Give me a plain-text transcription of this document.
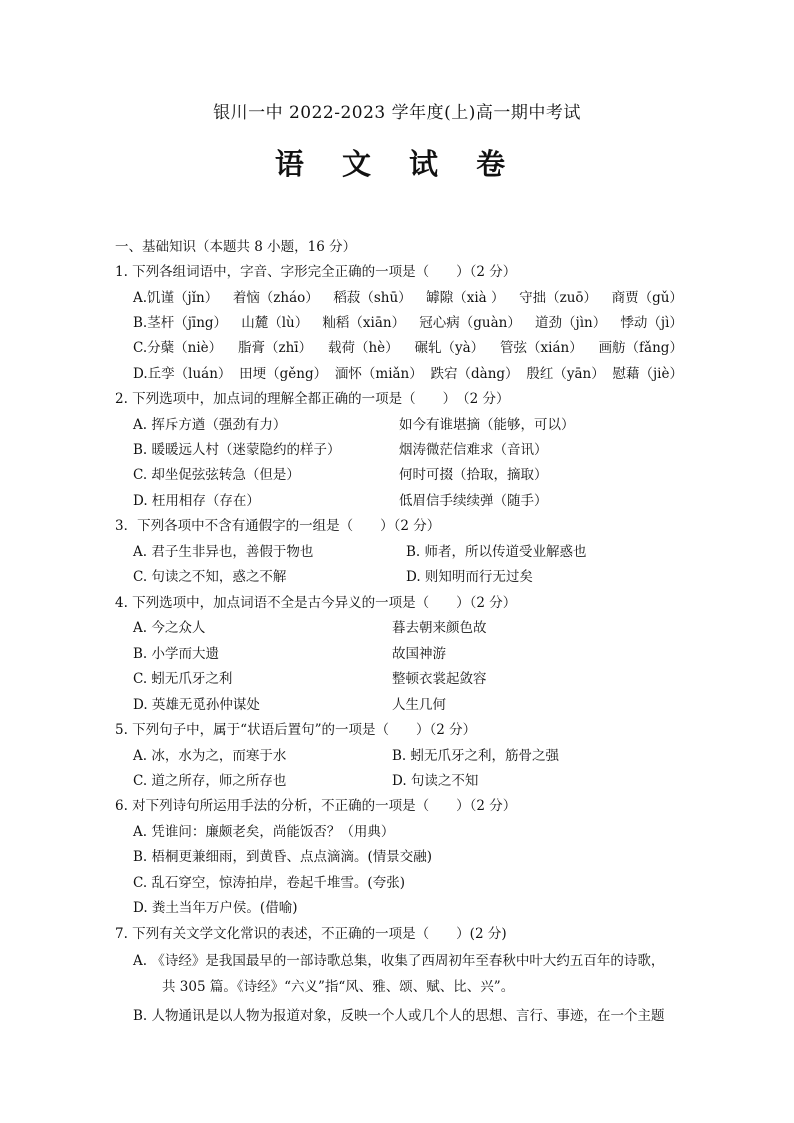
银川一中 2022-2023 学年度(上)高一期中考试
语 文 试 卷
一、基础知识（本题共 8 小题，16 分）
1. 下列各组词语中，字音、字形完全正确的一项是（　　）（2 分）
A.饥谨（jǐn） 着恼（zháo） 稻菽（shū） 罅隙（xià ） 守拙（zuō） 商贾（gǔ）
B.茎杆（jīng） 山麓（lù） 籼稻（xiān） 冠心病（guàn） 道劲（jìn） 悸动（jì）
C.分蘖（niè） 脂膏（zhī） 载荷（hè） 碾轧（yà） 管弦（xián） 画舫（fǎng）
D.丘孪（luán） 田埂（gěng） 湎怀（miǎn） 跌宕（dàng） 殷红（yān） 慰藉（jiè）
2. 下列选项中，加点词的理解全都正确的一项是（　　）　（2 分）
A. 挥斥方遒（强劲有力）	如今有谁堪摘（能够，可以）
B. 暖暖远人村（迷蒙隐约的样子）	烟涛微茫信难求（音讯）
C. 却坐促弦弦转急（但是）	何时可掇（拾取，摘取）
D. 枉用相存（存在）	低眉信手续续弹（随手）
3．下列各项中不含有通假字的一组是（　　）（2 分）
A. 君子生非异也，善假于物也	B. 师者，所以传道受业解惑也
C. 句读之不知，惑之不解	D. 则知明而行无过矣
4. 下列选项中，加点词语不全是古今异义的一项是（　　）（2 分）
A. 今之众人	暮去朝来颜色故
B. 小学而大遗	故国神游
C. 蚓无爪牙之利	整顿衣裳起敛容
D. 英雄无觅孙仲谋处	人生几何
5. 下列句子中，属于“状语后置句”的一项是（　　）（2 分）
A. 冰，水为之，而寒于水	B. 蚓无爪牙之利，筋骨之强
C. 道之所存，师之所存也	D. 句读之不知
6. 对下列诗句所运用手法的分析，不正确的一项是（　　）（2 分）
A. 凭谁问：廉颇老矣，尚能饭否？（用典）
B. 梧桐更兼细雨，到黄昏、点点滴滴。(情景交融)
C. 乱石穿空，惊涛拍岸，卷起千堆雪。(夸张)
D. 粪土当年万户侯。(借喻)
7. 下列有关文学文化常识的表述，不正确的一项是（　　）(2 分)
A. 《诗经》是我国最早的一部诗歌总集，收集了西周初年至春秋中叶大约五百年的诗歌，
共 305 篇。《诗经》“六义”指“风、雅、颂、赋、比、兴”。
B. 人物通讯是以人物为报道对象，反映一个人或几个人的思想、言行、事迹，在一个主题
